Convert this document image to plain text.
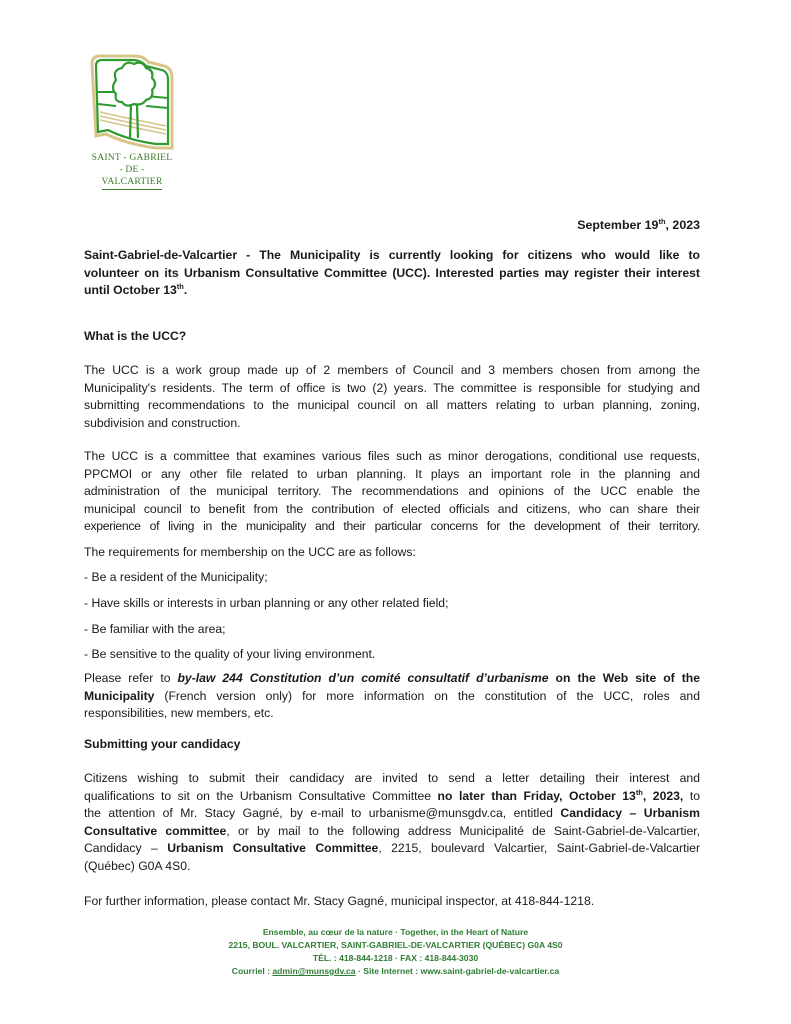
SAINT - GABRIEL
- DE -
VALCARTIER
September 19th, 2023
Saint-Gabriel-de-Valcartier - The Municipality is currently looking for citizens who would like to
volunteer on its Urbanism Consultative Committee (UCC). Interested parties may register their interest
until October 13th.
What is the UCC?
The UCC is a work group made up of 2 members of Council and 3 members chosen from among the
Municipality's residents. The term of office is two (2) years. The committee is responsible for studying and
submitting recommendations to the municipal council on all matters relating to urban planning, zoning,
subdivision and construction.
The UCC is a committee that examines various files such as minor derogations, conditional use requests,
PPCMOI or any other file related to urban planning. It plays an important role in the planning and
administration of the municipal territory. The recommendations and opinions of the UCC enable the
municipal council to benefit from the contribution of elected officials and citizens, who can share their
experience of living in the municipality and their particular concerns for the development of their territory.
The requirements for membership on the UCC are as follows:
- Be a resident of the Municipality;
- Have skills or interests in urban planning or any other related field;
- Be familiar with the area;
- Be sensitive to the quality of your living environment.
Please refer to by-law 244 Constitution d’un comité consultatif d’urbanisme on the Web site of the
Municipality (French version only) for more information on the constitution of the UCC, roles and
responsibilities, new members, etc.
Submitting your candidacy
Citizens wishing to submit their candidacy are invited to send a letter detailing their interest and
qualifications to sit on the Urbanism Consultative Committee no later than Friday, October 13th, 2023, to
the attention of Mr. Stacy Gagné, by e-mail to urbanisme@munsgdv.ca, entitled Candidacy – Urbanism
Consultative committee, or by mail to the following address Municipalité de Saint-Gabriel-de-Valcartier,
Candidacy – Urbanism Consultative Committee, 2215, boulevard Valcartier, Saint-Gabriel-de-Valcartier
(Québec) G0A 4S0.
For further information, please contact Mr. Stacy Gagné, municipal inspector, at 418-844-1218.
Ensemble, au cœur de la nature · Together, in the Heart of Nature
2215, BOUL. VALCARTIER, SAINT-GABRIEL-DE-VALCARTIER (QUÉBEC) G0A 4S0
TÉL. : 418-844-1218 · FAX : 418-844-3030
Courriel : admin@munsgdv.ca · Site Internet : www.saint-gabriel-de-valcartier.ca
